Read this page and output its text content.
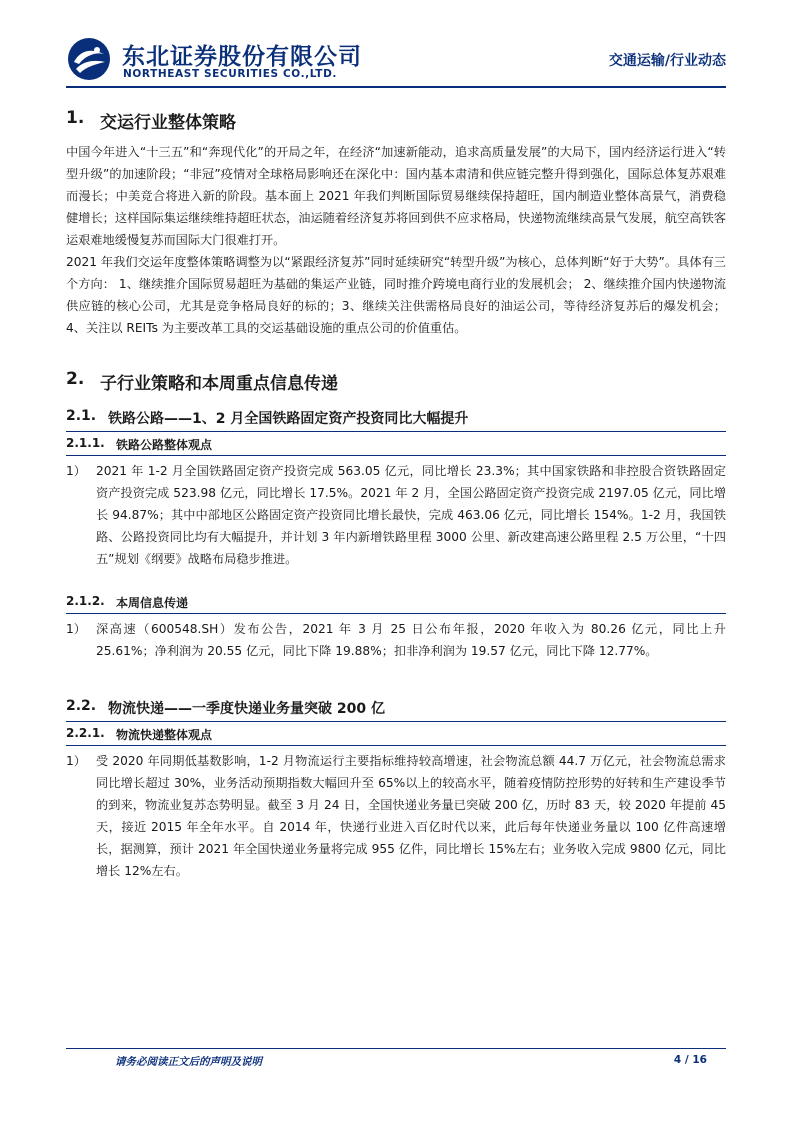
东北证券股份有限公司
NORTHEAST SECURITIES CO.,LTD.
交通运输/行业动态
1. 交运行业整体策略
中国今年进入“十三五”和“奔现代化”的开局之年，在经济“加速新能动，追求高质量发展”的大局下，国内经济运行进入“转型升级”的加速阶段；“非冠”疫情对全球格局影响还在深化中：国内基本肃清和供应链完整升得到强化，国际总体复苏艰难而漫长；中美竞合将进入新的阶段。基本面上 2021 年我们判断国际贸易继续保持超旺，国内制造业整体高景气，消费稳健增长；这样国际集运继续维持超旺状态，油运随着经济复苏将回到供不应求格局，快递物流继续高景气发展，航空高铁客运艰难地缓慢复苏而国际大门很难打开。
2021 年我们交运年度整体策略调整为以“紧跟经济复苏”同时延续研究“转型升级”为核心，总体判断“好于大势”。具体有三个方向： 1、继续推介国际贸易超旺为基础的集运产业链，同时推介跨境电商行业的发展机会； 2、继续推介国内快递物流供应链的核心公司，尤其是竞争格局良好的标的；3、继续关注供需格局良好的油运公司，等待经济复苏后的爆发机会；4、关注以 REITs 为主要改革工具的交运基础设施的重点公司的价值重估。
2. 子行业策略和本周重点信息传递
2.1. 铁路公路——1、2 月全国铁路固定资产投资同比大幅提升
2.1.1. 铁路公路整体观点
1） 2021 年 1-2 月全国铁路固定资产投资完成 563.05 亿元，同比增长 23.3%；其中国家铁路和非控股合资铁路固定资产投资完成 523.98 亿元，同比增长 17.5%。2021 年 2 月，全国公路固定资产投资完成 2197.05 亿元，同比增长 94.87%；其中中部地区公路固定资产投资同比增长最快，完成 463.06 亿元，同比增长 154%。1-2 月，我国铁路、公路投资同比均有大幅提升，并计划 3 年内新增铁路里程 3000 公里、新改建高速公路里程 2.5 万公里，“十四五”规划《纲要》战略布局稳步推进。
2.1.2. 本周信息传递
1） 深高速（600548.SH）发布公告，2021 年 3 月 25 日公布年报，2020 年收入为 80.26 亿元，同比上升 25.61%；净利润为 20.55 亿元，同比下降 19.88%；扣非净利润为 19.57 亿元，同比下降 12.77%。
2.2. 物流快递——一季度快递业务量突破 200 亿
2.2.1. 物流快递整体观点
1） 受 2020 年同期低基数影响，1-2 月物流运行主要指标维持较高增速，社会物流总额 44.7 万亿元，社会物流总需求同比增长超过 30%，业务活动预期指数大幅回升至 65%以上的较高水平，随着疫情防控形势的好转和生产建设季节的到来，物流业复苏态势明显。截至 3 月 24 日，全国快递业务量已突破 200 亿，历时 83 天，较 2020 年提前 45 天，接近 2015 年全年水平。自 2014 年，快递行业进入百亿时代以来，此后每年快递业务量以 100 亿件高速增长，据测算，预计 2021 年全国快递业务量将完成 955 亿件，同比增长 15%左右；业务收入完成 9800 亿元，同比增长 12%左右。
请务必阅读正文后的声明及说明	4 / 16
